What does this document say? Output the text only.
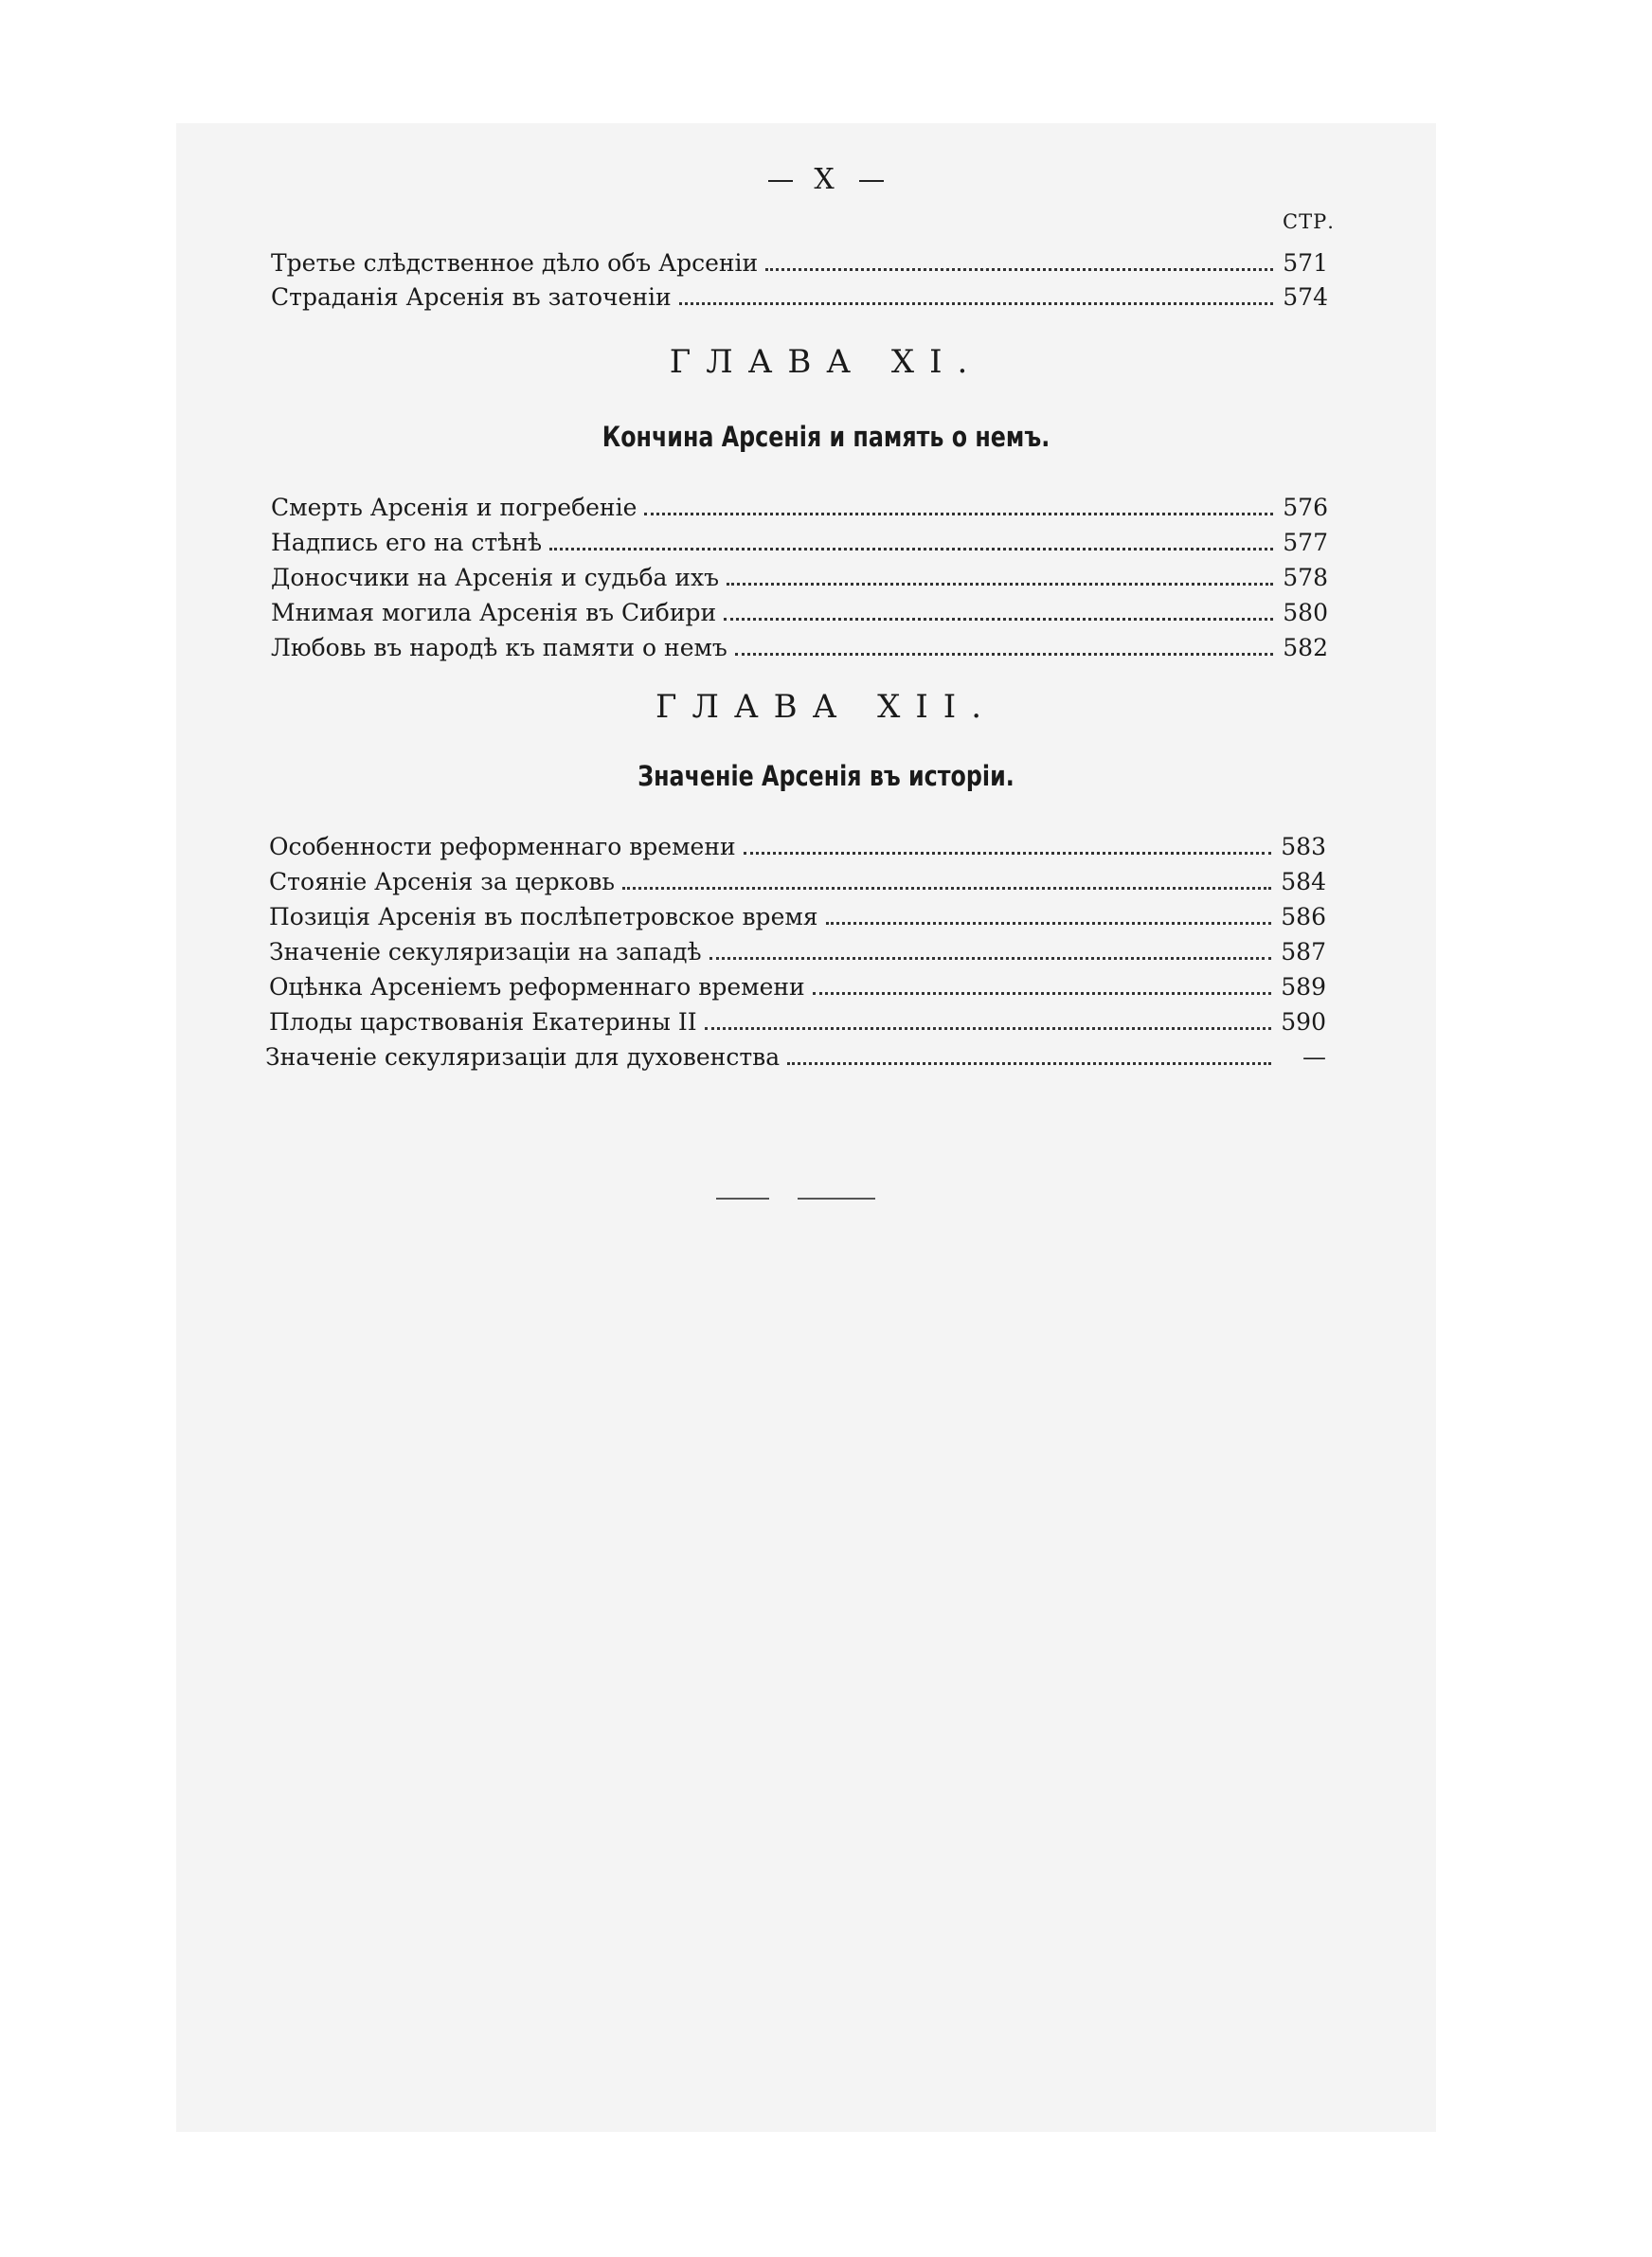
X
СТР.
Третье слѣдственное дѣло объ Арсеніи	571
Страданія Арсенія въ заточеніи	574
ГЛАВА XI.
Кончина Арсенія и память о немъ.
Смерть Арсенія и погребеніе	576
Надпись его на стѣнѣ	577
Доносчики на Арсенія и судьба ихъ	578
Мнимая могила Арсенія въ Сибири	580
Любовь въ народѣ къ памяти о немъ	582
ГЛАВА XII.
Значеніе Арсенія въ исторіи.
Особенности реформеннаго времени	583
Стояніе Арсенія за церковь	584
Позиція Арсенія въ послѣпетровское время	586
Значеніе секуляризаціи на западѣ	587
Оцѣнка Арсеніемъ реформеннаго времени	589
Плоды царствованія Екатерины II	590
Значеніе секуляризаціи для духовенства	—
